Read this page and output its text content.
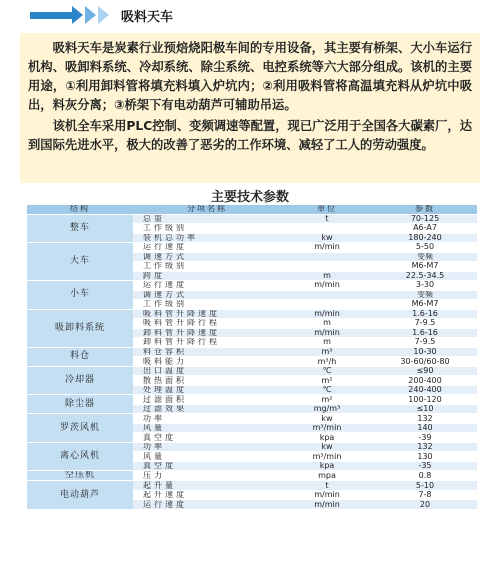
吸料天车

吸料天车是炭素行业预焙烧阳极车间的专用设备，其主要有桥架、大小车运行机构、吸卸料系统、冷却系统、除尘系统、电控系统等六大部分组成。该机的主要用途，①利用卸料管将填充料填入炉坑内；②利用吸料管将高温填充料从炉坑中吸出，料灰分离；③桥架下有电动葫芦可辅助吊运。

该机全车采用PLC控制、变频调速等配置，现已广泛用于全国各大碳素厂，达到国际先进水平，极大的改善了恶劣的工作环境、减轻了工人的劳动强度。

主要技术参数
结构	分项名称	单位	参数
整车	总重	t	70-125
	工作级别		A6-A7
	装机总功率	kw	180-240
大车	运行速度	m/min	5-50
	调速方式		变频
	工作级别		M6-M7
	跨度	m	22.5-34.5
小车	运行速度	m/min	3-30
	调速方式		变频
	工作级别		M6-M7
吸卸料系统	吸料管升降速度	m/min	1.6-16
	吸料管升降行程	m	7-9.5
	卸料管升降速度	m/min	1.6-16
	卸料管升降行程	m	7-9.5
料仓	料仓容积	m³	10-30
	吸料能力	m³/h	30-60/60-80
冷却器	出口温度	℃	≤90
	散热面积	m²	200-400
	处理温度	℃	240-400
除尘器	过滤面积	m²	100-120
	过滤效果	mg/m³	≤10
罗茨风机	功率	kw	132
	风量	m³/min	140
	真空度	kpa	-39
离心风机	功率	kw	132
	风量	m³/min	130
	真空度	kpa	-35
空压机	压力	mpa	0.8
电动葫芦	起升量	t	5-10
	起升速度	m/min	7-8
	运行速度	m/min	20
